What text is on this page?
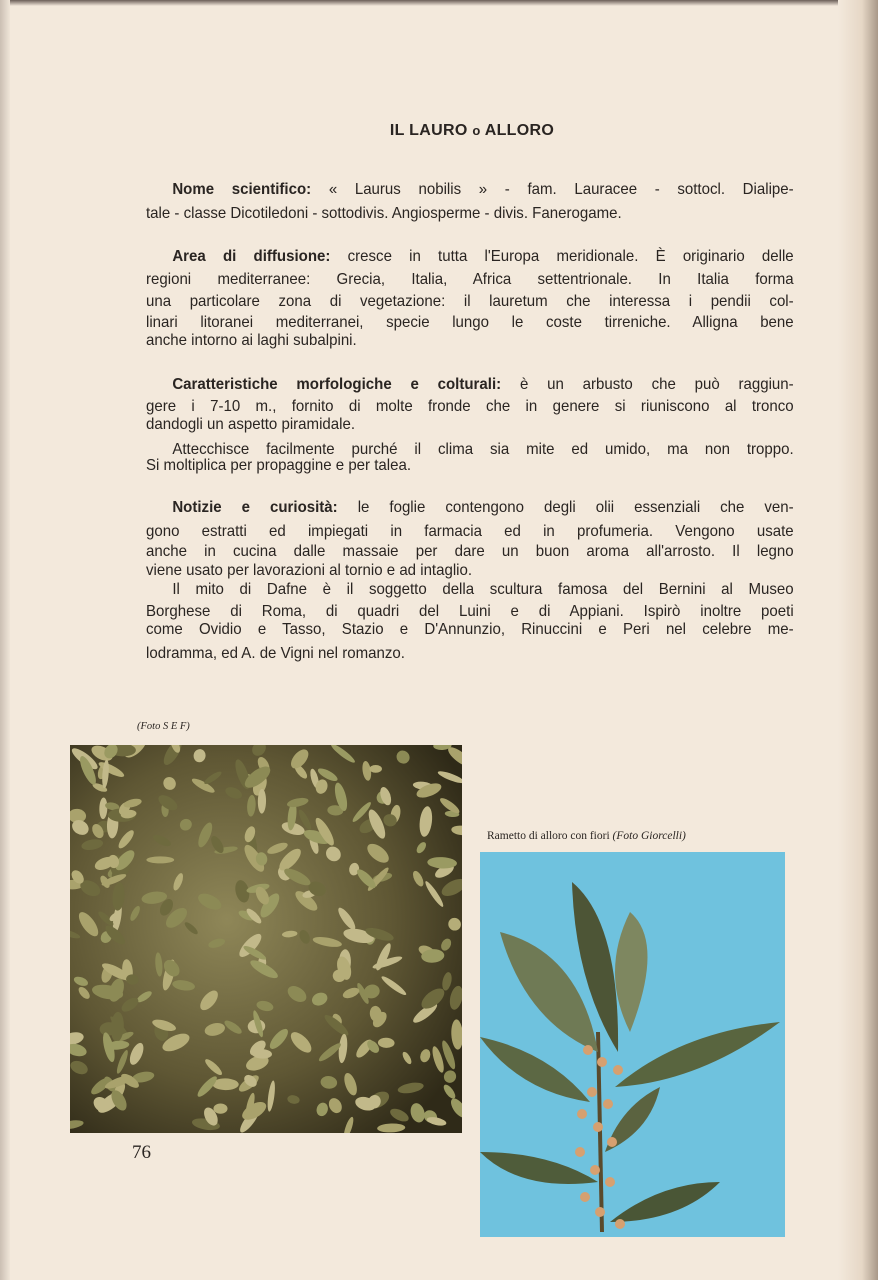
IL LAURO o ALLORO
Nome scientifico: « Laurus nobilis » - fam. Lauracee - sottocl. Dialipe-
tale - classe Dicotiledoni - sottodivis. Angiosperme - divis. Fanerogame.
Area di diffusione: cresce in tutta l'Europa meridionale. È originario delle
regioni mediterranee: Grecia, Italia, Africa settentrionale. In Italia forma
una particolare zona di vegetazione: il lauretum che interessa i pendii col-
linari litoranei mediterranei, specie lungo le coste tirreniche. Alligna bene
anche intorno ai laghi subalpini.
Caratteristiche morfologiche e colturali: è un arbusto che può raggiun-
gere i 7-10 m., fornito di molte fronde che in genere si riuniscono al tronco
dandogli un aspetto piramidale.
Attecchisce facilmente purché il clima sia mite ed umido, ma non troppo.
Si moltiplica per propaggine e per talea.
Notizie e curiosità: le foglie contengono degli olii essenziali che ven-
gono estratti ed impiegati in farmacia ed in profumeria. Vengono usate
anche in cucina dalle massaie per dare un buon aroma all'arrosto. Il legno
viene usato per lavorazioni al tornio e ad intaglio.
Il mito di Dafne è il soggetto della scultura famosa del Bernini al Museo
Borghese di Roma, di quadri del Luini e di Appiani. Ispirò inoltre poeti
come Ovidio e Tasso, Stazio e D'Annunzio, Rinuccini e Peri nel celebre me-
lodramma, ed A. de Vigni nel romanzo.
(Foto S E F)
Rametto di alloro con fiori (Foto Giorcelli)
76
